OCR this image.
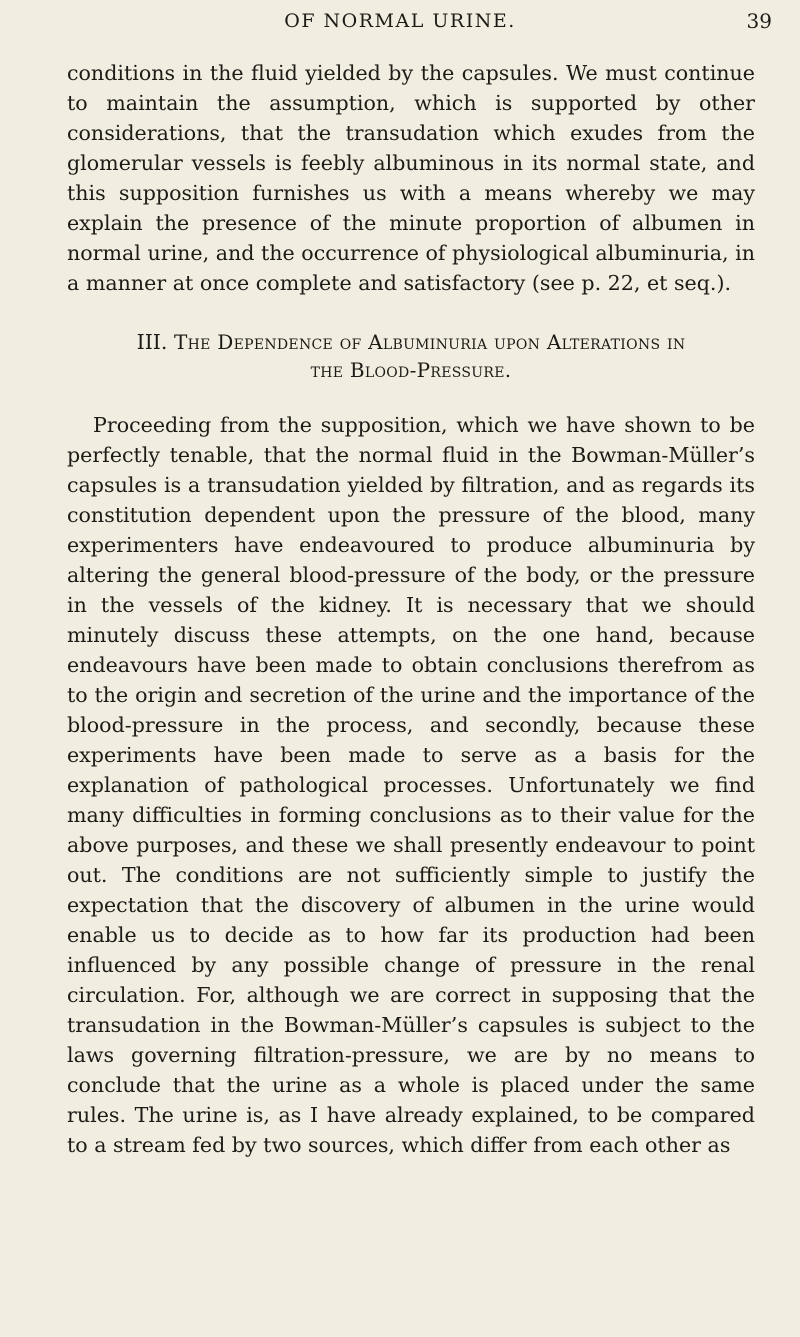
OF NORMAL URINE.	39

conditions in the fluid yielded by the capsules. We must continue to maintain the assumption, which is supported by other considerations, that the transudation which exudes from the glomerular vessels is feebly albuminous in its normal state, and this supposition furnishes us with a means whereby we may explain the presence of the minute proportion of albumen in normal urine, and the occurrence of physiological albuminuria, in a manner at once complete and satisfactory (see p. 22, et seq.).

III. The Dependence of Albuminuria upon Alterations in
the Blood-Pressure.

Proceeding from the supposition, which we have shown to be perfectly tenable, that the normal fluid in the Bowman-Müller’s capsules is a transudation yielded by filtration, and as regards its constitution dependent upon the pressure of the blood, many experimenters have endeavoured to produce albuminuria by altering the general blood-pressure of the body, or the pressure in the vessels of the kidney. It is necessary that we should minutely discuss these attempts, on the one hand, because endeavours have been made to obtain conclusions therefrom as to the origin and secretion of the urine and the importance of the blood-pressure in the process, and secondly, because these experiments have been made to serve as a basis for the explanation of pathological processes. Unfortunately we find many difficulties in forming conclusions as to their value for the above purposes, and these we shall presently endeavour to point out. The conditions are not sufficiently simple to justify the expectation that the discovery of albumen in the urine would enable us to decide as to how far its production had been influenced by any possible change of pressure in the renal circulation. For, although we are correct in supposing that the transudation in the Bowman-Müller’s capsules is subject to the laws governing filtration-pressure, we are by no means to conclude that the urine as a whole is placed under the same rules. The urine is, as I have already explained, to be compared to a stream fed by two sources, which differ from each other as
